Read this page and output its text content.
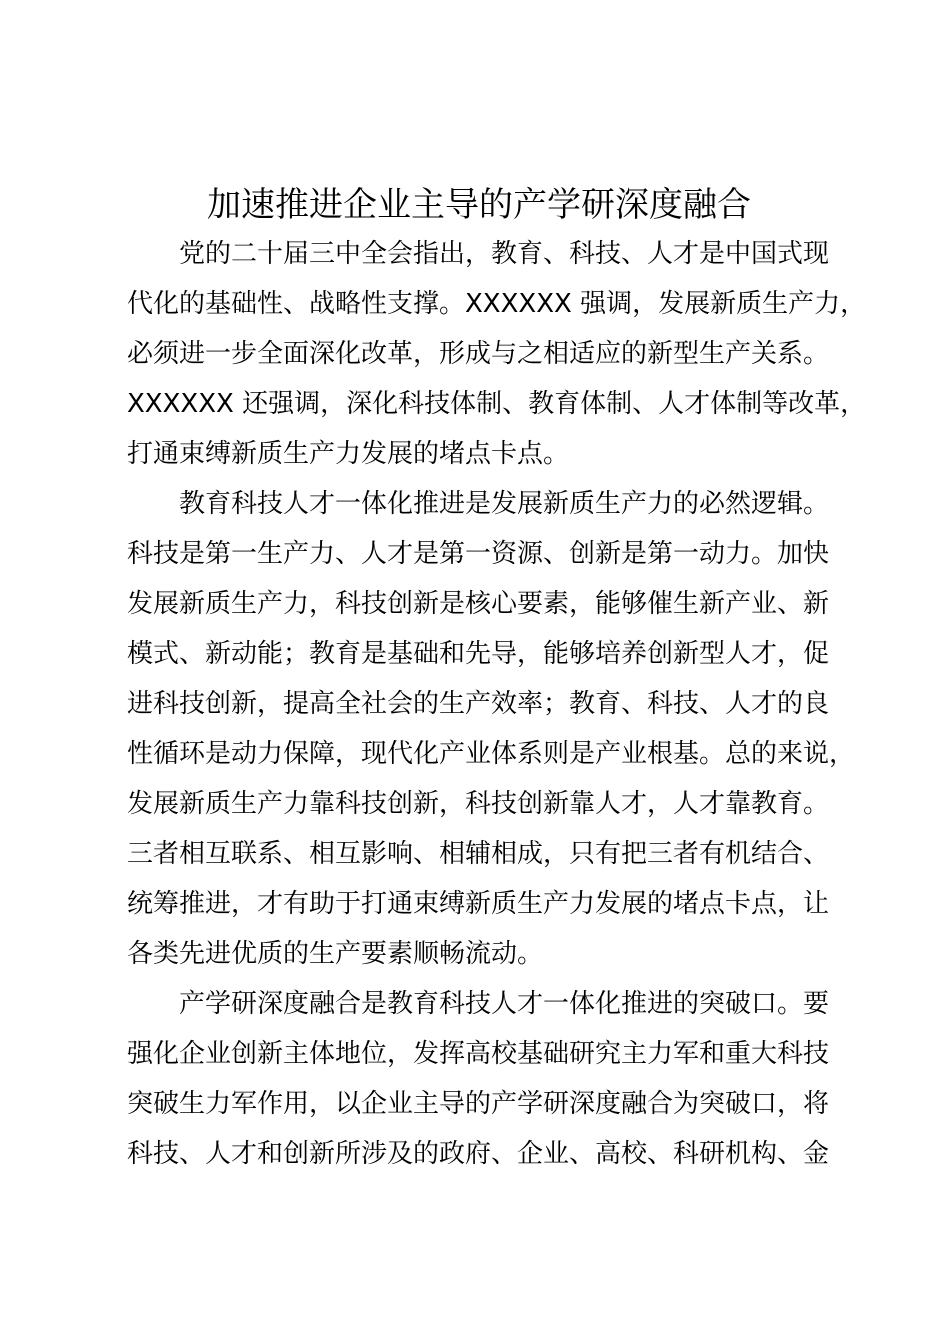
加速推进企业主导的产学研深度融合
　　党的二十届三中全会指出，教育、科技、人才是中国式现
代化的基础性、战略性支撑。XXXXXX 强调，发展新质生产力，
必须进一步全面深化改革，形成与之相适应的新型生产关系。
XXXXXX 还强调，深化科技体制、教育体制、人才体制等改革，
打通束缚新质生产力发展的堵点卡点。
　　教育科技人才一体化推进是发展新质生产力的必然逻辑。
科技是第一生产力、人才是第一资源、创新是第一动力。加快
发展新质生产力，科技创新是核心要素，能够催生新产业、新
模式、新动能；教育是基础和先导，能够培养创新型人才，促
进科技创新，提高全社会的生产效率；教育、科技、人才的良
性循环是动力保障，现代化产业体系则是产业根基。总的来说，
发展新质生产力靠科技创新，科技创新靠人才，人才靠教育。
三者相互联系、相互影响、相辅相成，只有把三者有机结合、
统筹推进，才有助于打通束缚新质生产力发展的堵点卡点，让
各类先进优质的生产要素顺畅流动。
　　产学研深度融合是教育科技人才一体化推进的突破口。要
强化企业创新主体地位，发挥高校基础研究主力军和重大科技
突破生力军作用，以企业主导的产学研深度融合为突破口，将
科技、人才和创新所涉及的政府、企业、高校、科研机构、金
